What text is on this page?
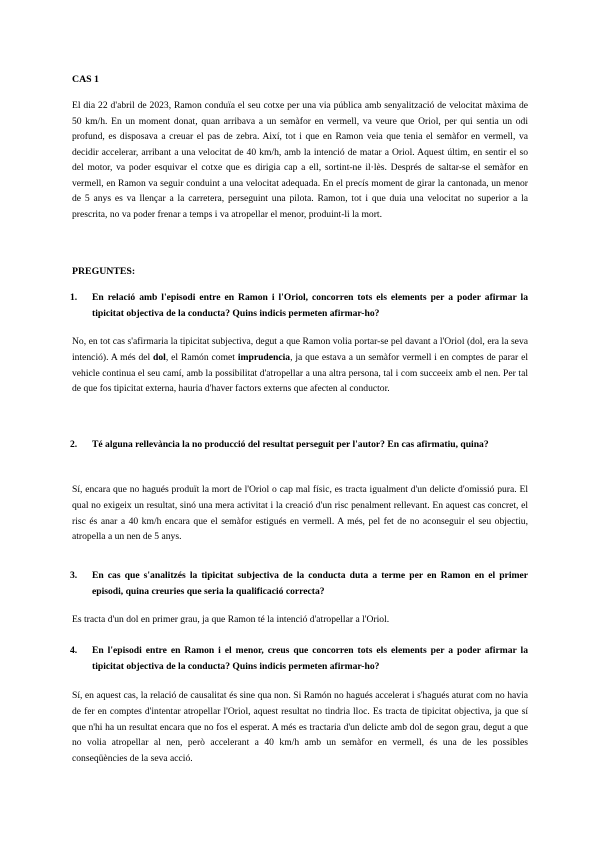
CAS 1
El dia 22 d'abril de 2023, Ramon conduïa el seu cotxe per una via pública amb senyalització de velocitat màxima de 50 km/h. En un moment donat, quan arribava a un semàfor en vermell, va veure que Oriol, per qui sentia un odi profund, es disposava a creuar el pas de zebra. Així, tot i que en Ramon veia que tenia el semàfor en vermell, va decidir accelerar, arribant a una velocitat de 40 km/h, amb la intenció de matar a Oriol. Aquest últim, en sentir el so del motor, va poder esquivar el cotxe que es dirigia cap a ell, sortint-ne il·lès. Després de saltar-se el semàfor en vermell, en Ramon va seguir conduint a una velocitat adequada. En el precís moment de girar la cantonada, un menor de 5 anys es va llençar a la carretera, perseguint una pilota. Ramon, tot i que duia una velocitat no superior a la prescrita, no va poder frenar a temps i va atropellar el menor, produint-li la mort.
PREGUNTES:
1. En relació amb l'episodi entre en Ramon i l'Oriol, concorren tots els elements per a poder afirmar la tipicitat objectiva de la conducta? Quins indicis permeten afirmar-ho?
No, en tot cas s'afirmaria la tipicitat subjectiva, degut a que Ramon volia portar-se pel davant a l'Oriol (dol, era la seva intenció). A més del dol, el Ramón comet imprudencia, ja que estava a un semàfor vermell i en comptes de parar el vehicle continua el seu camí, amb la possibilitat d'atropellar a una altra persona, tal i com succeeix amb el nen. Per tal de que fos tipicitat externa, hauria d'haver factors externs que afecten al conductor.
2. Té alguna rellevància la no producció del resultat perseguit per l'autor? En cas afirmatiu, quina?
Sí, encara que no hagués produït la mort de l'Oriol o cap mal físic, es tracta igualment d'un delicte d'omissió pura. El qual no exigeix un resultat, sinó una mera activitat i la creació d'un risc penalment rellevant. En aquest cas concret, el risc és anar a 40 km/h encara que el semàfor estigués en vermell. A més, pel fet de no aconseguir el seu objectiu, atropella a un nen de 5 anys.
3. En cas que s'analitzés la tipicitat subjectiva de la conducta duta a terme per en Ramon en el primer episodi, quina creuries que seria la qualificació correcta?
Es tracta d'un dol en primer grau, ja que Ramon té la intenció d'atropellar a l'Oriol.
4. En l'episodi entre en Ramon i el menor, creus que concorren tots els elements per a poder afirmar la tipicitat objectiva de la conducta? Quins indicis permeten afirmar-ho?
Sí, en aquest cas, la relació de causalitat és sine qua non. Si Ramón no hagués accelerat i s'hagués aturat com no havia de fer en comptes d'intentar atropellar l'Oriol, aquest resultat no tindria lloc. Es tracta de tipicitat objectiva, ja que sí que n'hi ha un resultat encara que no fos el esperat. A més es tractaria d'un delicte amb dol de segon grau, degut a que no volia atropellar al nen, però accelerant a 40 km/h amb un semàfor en vermell, és una de les possibles conseqüències de la seva acció.
